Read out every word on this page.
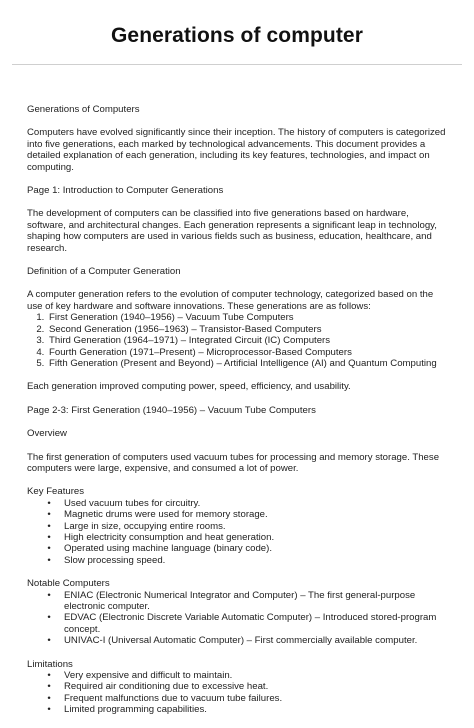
Generations of computer
Generations of Computers
Computers have evolved significantly since their inception. The history of computers is categorized into five generations, each marked by technological advancements. This document provides a detailed explanation of each generation, including its key features, technologies, and impact on computing.
Page 1: Introduction to Computer Generations
The development of computers can be classified into five generations based on hardware, software, and architectural changes. Each generation represents a significant leap in technology, shaping how computers are used in various fields such as business, education, healthcare, and research.
Definition of a Computer Generation
A computer generation refers to the evolution of computer technology, categorized based on the use of key hardware and software innovations. These generations are as follows:
1. First Generation (1940–1956) – Vacuum Tube Computers
2. Second Generation (1956–1963) – Transistor-Based Computers
3. Third Generation (1964–1971) – Integrated Circuit (IC) Computers
4. Fourth Generation (1971–Present) – Microprocessor-Based Computers
5. Fifth Generation (Present and Beyond) – Artificial Intelligence (AI) and Quantum Computing
Each generation improved computing power, speed, efficiency, and usability.
Page 2-3: First Generation (1940–1956) – Vacuum Tube Computers
Overview
The first generation of computers used vacuum tubes for processing and memory storage. These computers were large, expensive, and consumed a lot of power.
Key Features
• Used vacuum tubes for circuitry.
• Magnetic drums were used for memory storage.
• Large in size, occupying entire rooms.
• High electricity consumption and heat generation.
• Operated using machine language (binary code).
• Slow processing speed.
Notable Computers
• ENIAC (Electronic Numerical Integrator and Computer) – The first general-purpose electronic computer.
• EDVAC (Electronic Discrete Variable Automatic Computer) – Introduced stored-program concept.
• UNIVAC-I (Universal Automatic Computer) – First commercially available computer.
Limitations
• Very expensive and difficult to maintain.
• Required air conditioning due to excessive heat.
• Frequent malfunctions due to vacuum tube failures.
• Limited programming capabilities.
